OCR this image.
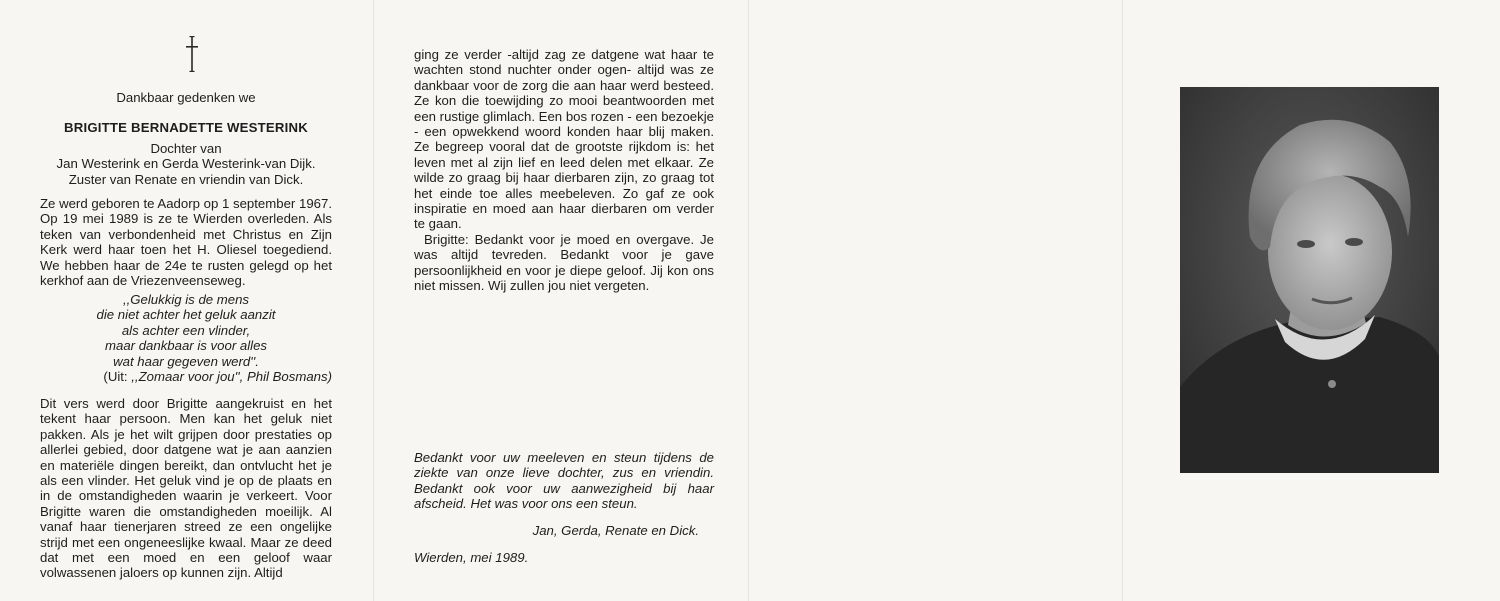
Dankbaar gedenken we

BRIGITTE BERNADETTE WESTERINK

Dochter van

Jan Westerink en Gerda Westerink-van Dijk.

Zuster van Renate en vriendin van Dick.

Ze werd geboren te Aadorp op 1 september 1967. Op 19 mei 1989 is ze te Wierden overleden. Als teken van verbondenheid met Christus en Zijn Kerk werd haar toen het H. Oliesel toegediend. We hebben haar de 24e te rusten gelegd op het kerkhof aan de Vriezenveenseweg.

,,Gelukkig is de mens

die niet achter het geluk aanzit

als achter een vlinder,

maar dankbaar is voor alles

wat haar gegeven werd''.

(Uit: ,,Zomaar voor jou'', Phil Bosmans)

Dit vers werd door Brigitte aangekruist en het tekent haar persoon. Men kan het geluk niet pakken. Als je het wilt grijpen door prestaties op allerlei gebied, door datgene wat je aan aanzien en materiële dingen bereikt, dan ontvlucht het je als een vlinder. Het geluk vind je op de plaats en in de omstandigheden waarin je verkeert. Voor Brigitte waren die omstandigheden moeilijk. Al vanaf haar tienerjaren streed ze een ongelijke strijd met een ongeneeslijke kwaal. Maar ze deed dat met een moed en een geloof waar volwassenen jaloers op kunnen zijn. Altijd

ging ze verder -altijd zag ze datgene wat haar te wachten stond nuchter onder ogen- altijd was ze dankbaar voor de zorg die aan haar werd besteed. Ze kon die toewijding zo mooi beantwoorden met een rustige glimlach. Een bos rozen - een bezoekje - een opwekkend woord konden haar blij maken. Ze begreep vooral dat de grootste rijkdom is: het leven met al zijn lief en leed delen met elkaar. Ze wilde zo graag bij haar dierbaren zijn, zo graag tot het einde toe alles meebeleven. Zo gaf ze ook inspiratie en moed aan haar dierbaren om verder te gaan.

Brigitte: Bedankt voor je moed en overgave. Je was altijd tevreden. Bedankt voor je gave persoonlijkheid en voor je diepe geloof. Jij kon ons niet missen. Wij zullen jou niet vergeten.

Bedankt voor uw meeleven en steun tijdens de ziekte van onze lieve dochter, zus en vriendin. Bedankt ook voor uw aanwezigheid bij haar afscheid. Het was voor ons een steun.

Jan, Gerda, Renate en Dick.

Wierden, mei 1989.
